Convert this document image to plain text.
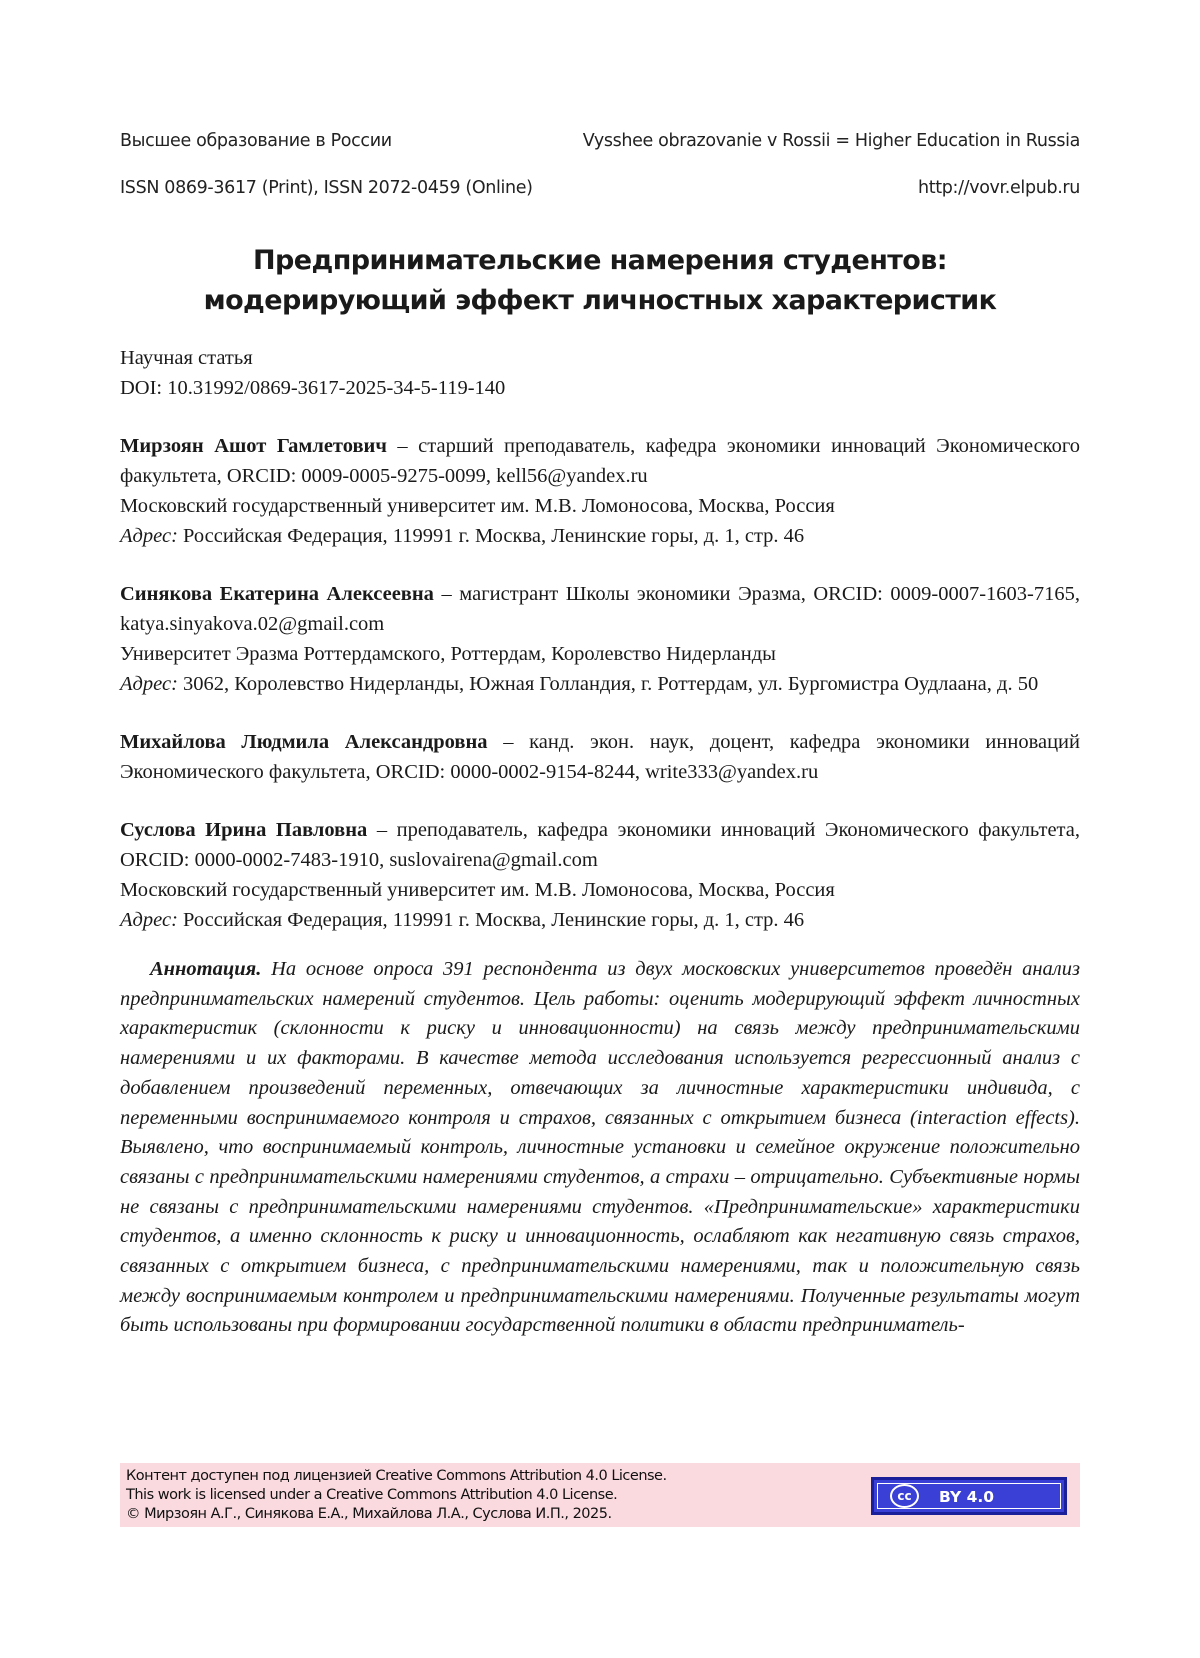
Высшее образование в России	Vysshee obrazovanie v Rossii = Higher Education in Russia
ISSN 0869-3617 (Print), ISSN 2072-0459 (Online)	http://vovr.elpub.ru
Предпринимательские намерения студентов:
модерирующий эффект личностных характеристик

Научная статья

DOI: 10.31992/0869-3617-2025-34-5-119-140

Мирзоян Ашот Гамлетович – старший преподаватель, кафедра экономики инноваций Экономического факультета, ORCID: 0009-0005-9275-0099, kell56@yandex.ru

Московский государственный университет им. М.В. Ломоносова, Москва, Россия

Адрес: Российская Федерация, 119991 г. Москва, Ленинские горы, д. 1, стр. 46

Синякова Екатерина Алексеевна – магистрант Школы экономики Эразма, ORCID: 0009-0007-1603-7165, katya.sinyakova.02@gmail.com

Университет Эразма Роттердамского, Роттердам, Королевство Нидерланды

Адрес: 3062, Королевство Нидерланды, Южная Голландия, г. Роттердам, ул. Бургомистра Оудлаана, д. 50

Михайлова Людмила Александровна – канд. экон. наук, доцент, кафедра экономики инноваций Экономического факультета, ORCID: 0000-0002-9154-8244, write333@yandex.ru

Суслова Ирина Павловна – преподаватель, кафедра экономики инноваций Экономического факультета, ORCID: 0000-0002-7483-1910, suslovairena@gmail.com

Московский государственный университет им. М.В. Ломоносова, Москва, Россия

Адрес: Российская Федерация, 119991 г. Москва, Ленинские горы, д. 1, стр. 46

Аннотация. На основе опроса 391 респондента из двух московских университетов проведён анализ предпринимательских намерений студентов. Цель работы: оценить модерирующий эффект личностных характеристик (склонности к риску и инновационности) на связь между предпринимательскими намерениями и их факторами. В качестве метода исследования используется регрессионный анализ с добавлением произведений переменных, отвечающих за личностные характеристики индивида, с переменными воспринимаемого контроля и страхов, связанных с открытием бизнеса (interaction effects). Выявлено, что воспринимаемый контроль, личностные установки и семейное окружение положительно связаны с предпринимательскими намерениями студентов, а страхи – отрицательно. Субъективные нормы не связаны с предпринимательскими намерениями студентов. «Предпринимательские» характеристики студентов, а именно склонность к риску и инновационность, ослабляют как негативную связь страхов, связанных с открытием бизнеса, с предпринимательскими намерениями, так и положительную связь между воспринимаемым контролем и предпринимательскими намерениями. Полученные результаты могут быть использованы при формировании государственной политики в области предприниматель-

Контент доступен под лицензией Creative Commons Attribution 4.0 License.
This work is licensed under a Creative Commons Attribution 4.0 License.
© Мирзоян А.Г., Синякова Е.А., Михайлова Л.А., Суслова И.П., 2025.
cc	BY 4.0
